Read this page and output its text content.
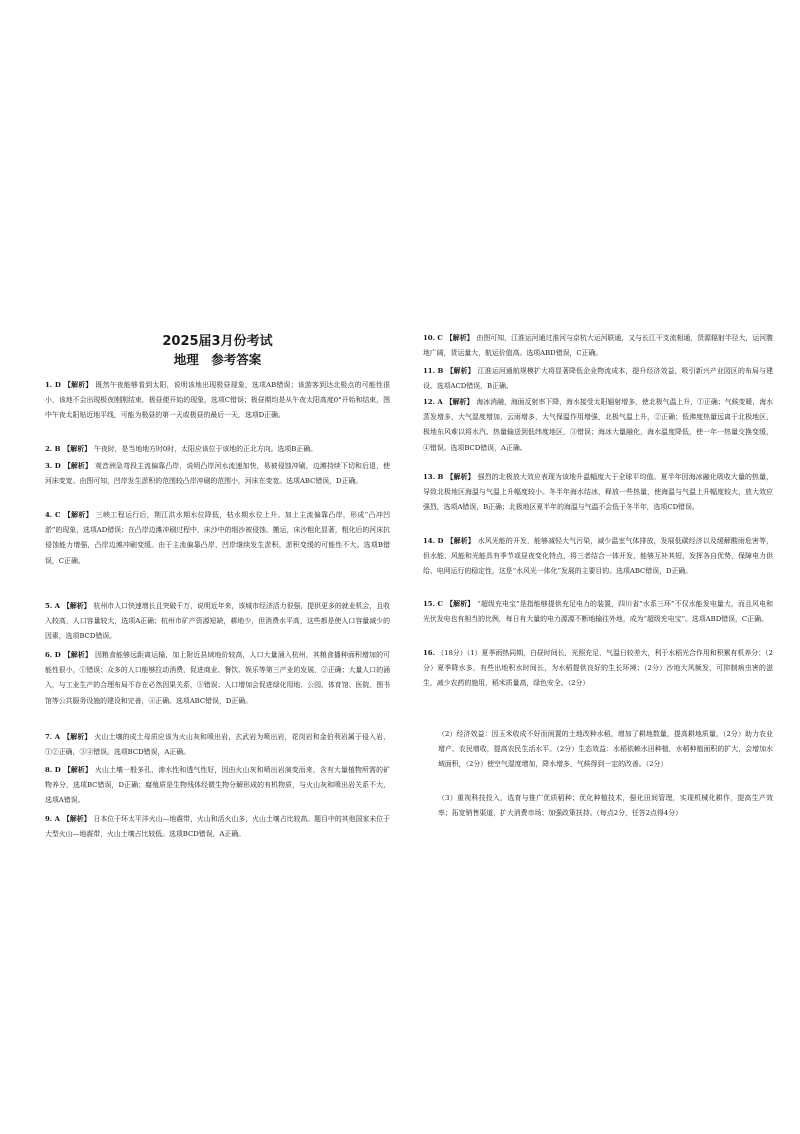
2025届3月份考试
地理　参考答案
1. D 【解析】 既然午夜能够看到太阳，说明该地出现极昼现象，选项AB错误；该游客到达北极点的可能性很小，该地不会出现极夜刚刚结束，极昼便开始的现象，选项C错误；极昼期均是从午夜太阳高度0°开始和结束，图中午夜太阳贴近地平线，可能为极昼的第一天或极昼的最后一天，选项D正确。
2. B 【解析】 午夜时，是当地地方时0时，太阳应该位于该地的正北方向。选项B正确。
3. D 【解析】 观音洲急弯段主流偏靠凸岸，说明凸岸河水流速加快，易被侵蚀冲刷，边滩持续下切和后退，使河床变宽。由图可知，凹岸发生淤积的范围较凸岸冲刷的范围小，河床在变宽。选项ABC错误，D正确。
4. C 【解析】 三峡工程运行后，荆江洪水期水位降低，枯水期水位上升。加上主流偏靠凸岸，形成“凸冲凹淤”的现象，选项AD错误；在凸岸边滩冲刷过程中，床沙中的细沙被侵蚀、搬运，床沙粗化显著，粗化后的河床抗侵蚀能力增强，凸岸边滩冲刷变缓。由于主流偏靠凸岸，凹岸继续发生淤积，淤积变缓的可能性不大。选项B错误，C正确。
5. A 【解析】 杭州市人口快速增长且突破千万，说明近年来，该城市经济活力很强，提供更多的就业机会，且收入较高，人口容量较大，选项A正确；杭州市矿产资源短缺，耕地少，但消费水平高，这些都是使人口容量减少的因素，选项BCD错误。
6. D 【解析】 因粮食能够远距离运输，加上附近县域地价较高，人口大量涌入杭州，其粮食播种面积增加的可能性很小，①错误；众多的人口能够拉动消费，促进商业、餐饮、娱乐等第三产业的发展，②正确；大量人口的涌入，与工业生产的合理布局不存在必然因果关系，③错误；人口增加会促进绿化用地、公园、体育馆、医院、图书馆等公共服务设施的建设和完善，④正确。选项ABC错误，D正确。
7. A 【解析】 火山土壤的成土母质应该为火山灰和喷出岩，玄武岩为喷出岩，花岗岩和金伯利岩属于侵入岩，①②正确，③④错误。选项BCD错误，A正确。
8. D 【解析】 火山土壤一般多孔，渗水性和透气性好，因由火山灰和喷出岩演变而来，含有大量植物所需的矿物养分，选项BC错误，D正确；腐殖质是生物残体经微生物分解形成的有机物质，与火山灰和喷出岩关系不大，选项A错误。
9. A 【解析】 日本位于环太平洋火山—地震带，火山和活火山多，火山土壤占比较高。题目中的其他国家未位于大型火山—地震带，火山土壤占比较低。选项BCD错误，A正确。
10. C 【解析】 由图可知，江淮运河通过淮河与京杭大运河联通，又与长江干支流相通，货源辐射半径大，运河腹地广阔，货运量大，航运价值高。选项ABD错误，C正确。
11. B 【解析】 江淮运河通航规模扩大将显著降低企业物流成本，提升经济效益，吸引新兴产业园区的布局与建设。选项ACD错误，B正确。
12. A 【解析】 海冰消融，海面反射率下降，海水接受太阳辐射增多，使北极气温上升，①正确；气候变暖，海水蒸发增多，大气湿度增加，云雨增多，大气保温作用增强，北极气温上升，②正确；低沸度热量远离于北极地区，极地东风难以将水汽、热量输送到低纬度地区，③错误；海冰大量融化，海水温度降低，使一年一热量交换变缓，④错误。选项BCD错误，A正确。
13. B 【解析】 强烈的北极放大效应表现为该地升温幅度大于全球平均值。夏半年因海冰融化吸收大量的热量，导致北极地区海温与气温上升幅度较小。冬半年海水结冰，释放一些热量，使海温与气温上升幅度较大，放大效应强烈，选项A错误，B正确；北极地区夏半年的海温与气温不会低于冬半年，选项CD错误。
14. D 【解析】 水风光能的开发，能够减轻大气污染，减少温室气体排放，发展低碳经济以及缓解酸雨危害等，但水能、风能和光能具有季节或昼夜变化特点，将三者结合一体开发，能够互补其短，发挥各自优势，保障电力供给、电网运行的稳定性，这是“水风光一体化”发展的主要目的。选项ABC错误，D正确。
15. C 【解析】 “超级充电宝”是指能够提供充足电力的装置，四川省“水系三环”不仅水能发电量大，而且风电和光伏发电也有相当的比例，每日有大量的电力源源不断地输往外地，成为“超级充电宝”。选项ABD错误，C正确。
16. （18分）（1）夏季雨热同期，白昼时间长，光照充足，气温日较差大，利于水稻光合作用和积累有机养分；（2分）夏季降水多，有些出地积水时间长，为水稻提供良好的生长环境；（2分）沙地大风频发，可抑制病虫害的滋生，减少农药的施用，稻米质量高，绿色安全。（2分）
（2）经济效益：因玉米收成不好而闲置的土地改种水稻，增加了耕地数量，提高耕地质量，（2分）助力农业增产、农民增收，提高农民生活水平。（2分）生态效益：水稻依赖水田种植，水稻种植面积的扩大，会增加水域面积，（2分）使空气湿度增加，降水增多，气候得到一定的改善。（2分）
（3）重视科技投入，选育与推广优质稻种；优化种植技术，强化田间管理，实现机械化耕作，提高生产效率；拓宽销售渠道，扩大消费市场；加强政策扶持。（每点2分，任答2点得4分）
